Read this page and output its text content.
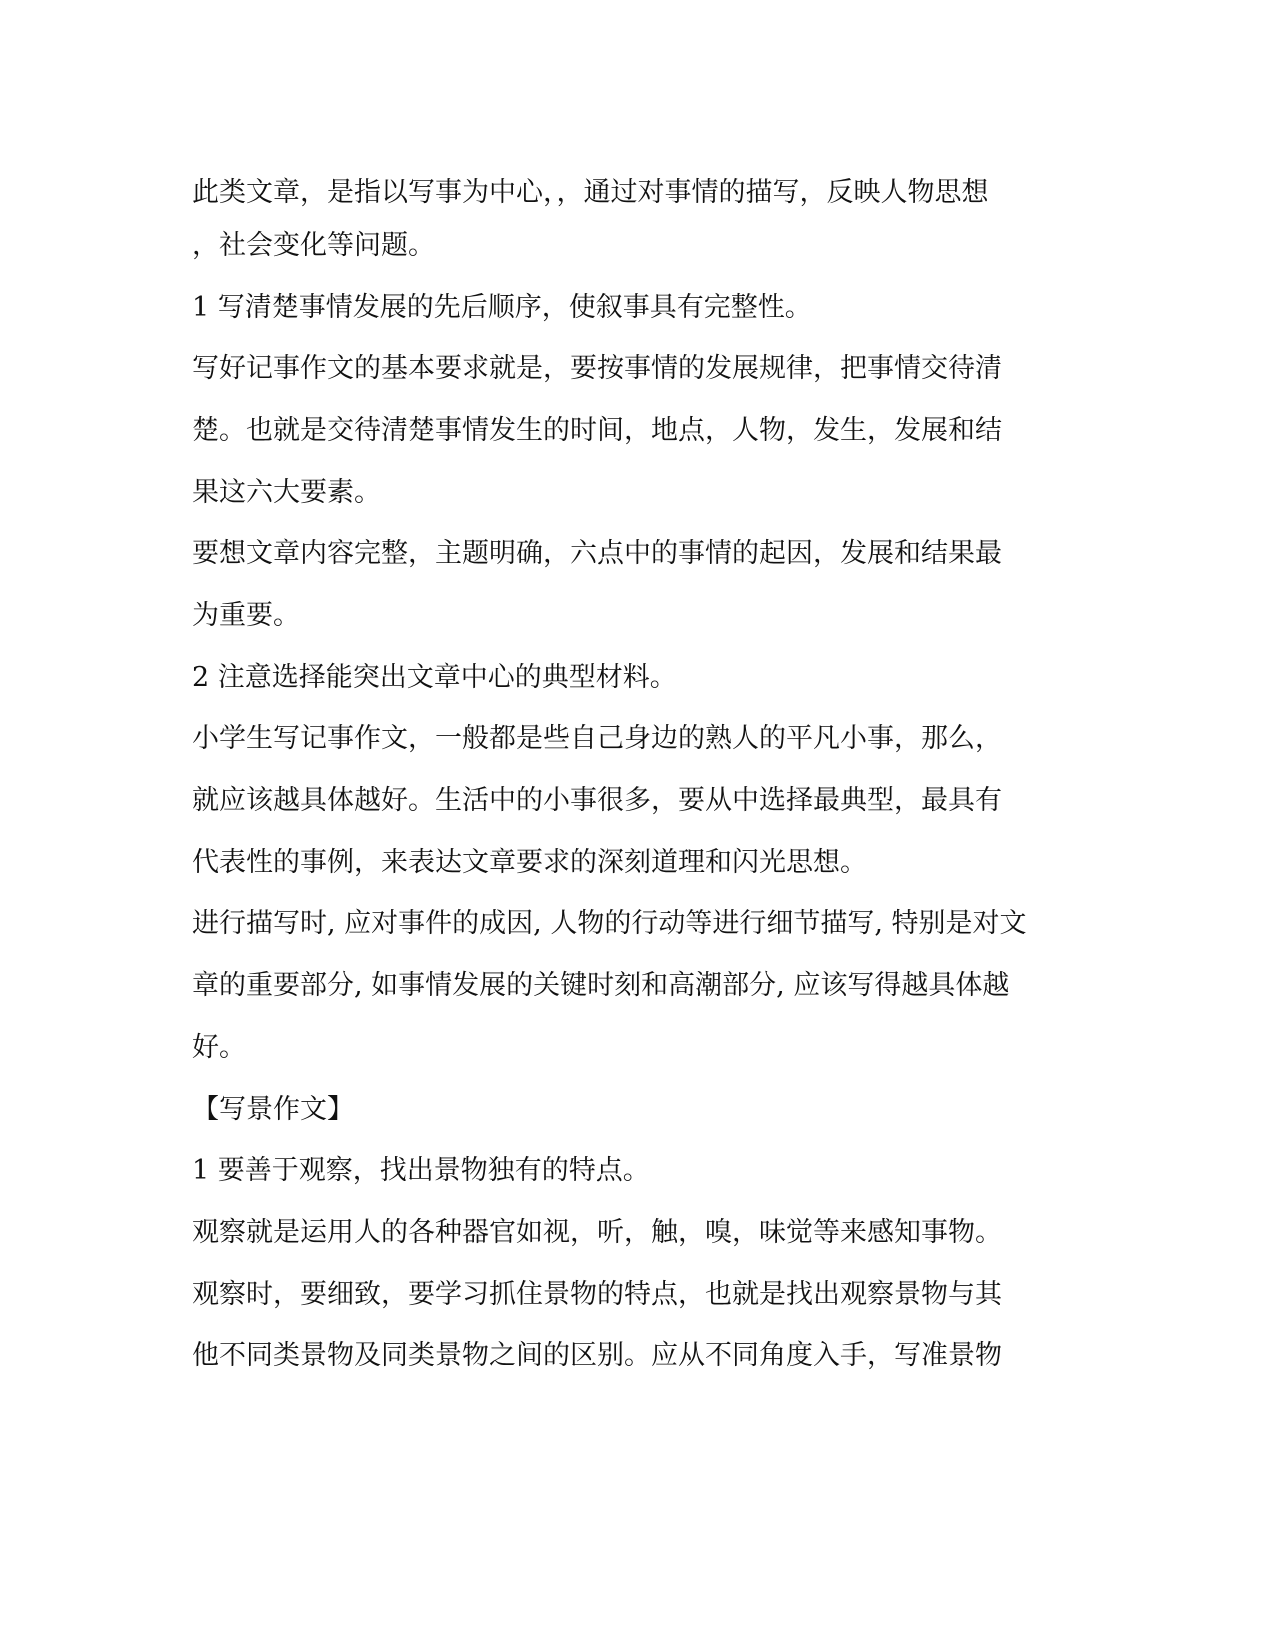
此类文章，是指以写事为中心，，通过对事情的描写，反映人物思想

，社会变化等问题。

1 写清楚事情发展的先后顺序，使叙事具有完整性。

写好记事作文的基本要求就是，要按事情的发展规律，把事情交待清

楚。也就是交待清楚事情发生的时间，地点，人物，发生，发展和结

果这六大要素。

要想文章内容完整，主题明确，六点中的事情的起因，发展和结果最

为重要。

2 注意选择能突出文章中心的典型材料。

小学生写记事作文，一般都是些自己身边的熟人的平凡小事，那么，

就应该越具体越好。生活中的小事很多，要从中选择最典型，最具有

代表性的事例，来表达文章要求的深刻道理和闪光思想。

进行描写时, 应对事件的成因, 人物的行动等进行细节描写, 特别是对文

章的重要部分, 如事情发展的关键时刻和高潮部分, 应该写得越具体越

好。

【写景作文】

1 要善于观察，找出景物独有的特点。

观察就是运用人的各种器官如视，听，触，嗅，味觉等来感知事物。

观察时，要细致，要学习抓住景物的特点，也就是找出观察景物与其

他不同类景物及同类景物之间的区别。应从不同角度入手，写准景物
